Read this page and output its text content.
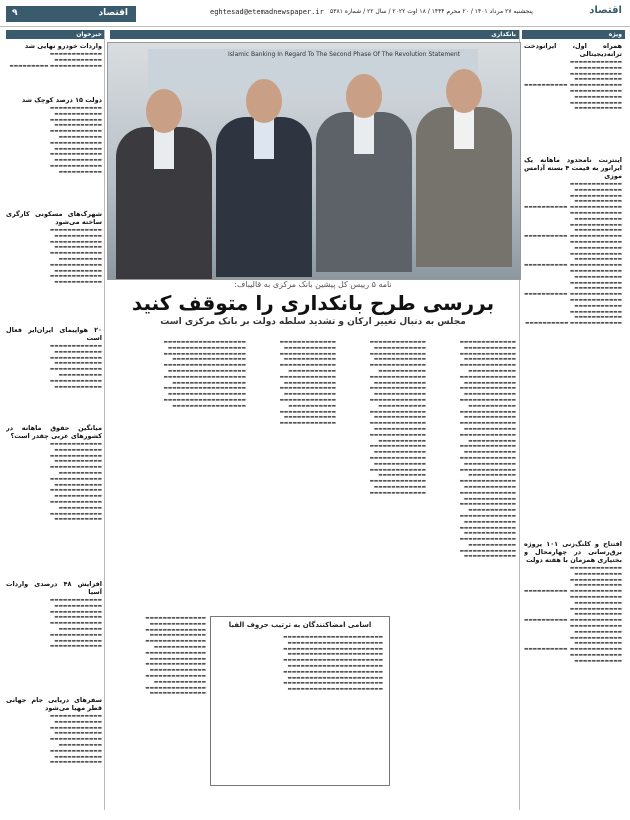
۹	اقتصاد	eghtesad@etemadnewspaper.ir پنجشنبه ۲۷ مرداد ۱۴۰۱ / ۲۰ محرم ۱۴۴۴ / ۱۸ اوت ۲۰۲۲ / سال ۲۲ / شماره ۵۳۸۱	اقتصاد
خبرخوان	بانکداری	ویژه
واردات خودرو نهایی شد
▬▬▬▬▬▬▬▬▬▬▬▬ ▬▬▬▬▬▬▬▬▬▬▬ ▬▬▬▬▬▬▬▬▬▬▬▬ ▬▬▬▬▬▬▬▬▬
دولت ۱۵ درصد کوچک شد
▬▬▬▬▬▬▬▬▬▬▬▬ ▬▬▬▬▬▬▬▬▬▬▬ ▬▬▬▬▬▬▬▬▬▬▬▬ ▬▬▬▬▬▬▬▬▬▬▬ ▬▬▬▬▬▬▬▬▬▬▬▬ ▬▬▬▬▬▬▬▬▬▬ ▬▬▬▬▬▬▬▬▬▬▬▬ ▬▬▬▬▬▬▬▬▬▬▬ ▬▬▬▬▬▬▬▬▬▬▬▬ ▬▬▬▬▬▬▬▬▬▬▬ ▬▬▬▬▬▬▬▬▬▬▬▬ ▬▬▬▬▬▬▬▬▬▬
شهرک‌های مسکونی کارگری ساخته می‌شود
▬▬▬▬▬▬▬▬▬▬▬▬ ▬▬▬▬▬▬▬▬▬▬▬ ▬▬▬▬▬▬▬▬▬▬▬▬ ▬▬▬▬▬▬▬▬▬▬▬ ▬▬▬▬▬▬▬▬▬▬▬▬ ▬▬▬▬▬▬▬▬▬▬ ▬▬▬▬▬▬▬▬▬▬▬▬ ▬▬▬▬▬▬▬▬▬▬▬ ▬▬▬▬▬▬▬▬▬▬▬▬ ▬▬▬▬▬▬▬▬▬▬▬
۲۰ هواپیمای ایران‌ایر فعال است
▬▬▬▬▬▬▬▬▬▬▬▬ ▬▬▬▬▬▬▬▬▬▬▬ ▬▬▬▬▬▬▬▬▬▬▬▬ ▬▬▬▬▬▬▬▬▬▬▬ ▬▬▬▬▬▬▬▬▬▬▬▬ ▬▬▬▬▬▬▬▬▬▬ ▬▬▬▬▬▬▬▬▬▬▬▬ ▬▬▬▬▬▬▬▬▬▬▬
میانگین حقوق ماهانه در کشورهای عربی چقدر است؟
▬▬▬▬▬▬▬▬▬▬▬▬ ▬▬▬▬▬▬▬▬▬▬▬ ▬▬▬▬▬▬▬▬▬▬▬▬ ▬▬▬▬▬▬▬▬▬▬▬ ▬▬▬▬▬▬▬▬▬▬▬▬ ▬▬▬▬▬▬▬▬▬▬ ▬▬▬▬▬▬▬▬▬▬▬▬ ▬▬▬▬▬▬▬▬▬▬▬ ▬▬▬▬▬▬▬▬▬▬▬▬ ▬▬▬▬▬▬▬▬▬▬▬ ▬▬▬▬▬▬▬▬▬▬▬▬ ▬▬▬▬▬▬▬▬▬▬ ▬▬▬▬▬▬▬▬▬▬▬▬ ▬▬▬▬▬▬▬▬▬▬▬
افزایش ۴۸ درصدی واردات آسیا
▬▬▬▬▬▬▬▬▬▬▬▬ ▬▬▬▬▬▬▬▬▬▬▬ ▬▬▬▬▬▬▬▬▬▬▬▬ ▬▬▬▬▬▬▬▬▬▬▬ ▬▬▬▬▬▬▬▬▬▬▬▬ ▬▬▬▬▬▬▬▬▬▬ ▬▬▬▬▬▬▬▬▬▬▬▬ ▬▬▬▬▬▬▬▬▬▬▬ ▬▬▬▬▬▬▬▬▬▬▬▬
سفرهای دریایی جام جهانی قطر مهیا می‌شود
▬▬▬▬▬▬▬▬▬▬▬▬ ▬▬▬▬▬▬▬▬▬▬▬ ▬▬▬▬▬▬▬▬▬▬▬▬ ▬▬▬▬▬▬▬▬▬▬▬ ▬▬▬▬▬▬▬▬▬▬▬▬ ▬▬▬▬▬▬▬▬▬▬ ▬▬▬▬▬▬▬▬▬▬▬▬ ▬▬▬▬▬▬▬▬▬▬▬ ▬▬▬▬▬▬▬▬▬▬▬▬
Islamic Banking In Regard To The Second Phase Of The Revolution Statement
نامه ۵ رییس کل پیشین بانک مرکزی به قالیباف:
بررسی طرح بانکداری را متوقف کنید
مجلس به دنبال تغییر ارکان و تشدید سلطه دولت بر بانک مرکزی است
▬▬▬▬▬▬▬▬▬▬▬▬▬ ▬▬▬▬▬▬▬▬▬▬▬▬ ▬▬▬▬▬▬▬▬▬▬▬▬▬ ▬▬▬▬▬▬▬▬▬▬▬▬ ▬▬▬▬▬▬▬▬▬▬▬▬▬ ▬▬▬▬▬▬▬▬▬▬▬ ▬▬▬▬▬▬▬▬▬▬▬▬▬ ▬▬▬▬▬▬▬▬▬▬▬▬ ▬▬▬▬▬▬▬▬▬▬▬▬▬ ▬▬▬▬▬▬▬▬▬▬▬▬ ▬▬▬▬▬▬▬▬▬▬▬▬▬ ▬▬▬▬▬▬▬▬▬▬▬ ▬▬▬▬▬▬▬▬▬▬▬▬▬ ▬▬▬▬▬▬▬▬▬▬▬▬ ▬▬▬▬▬▬▬▬▬▬▬▬▬ ▬▬▬▬▬▬▬▬▬▬▬▬ ▬▬▬▬▬▬▬▬▬▬▬▬▬ ▬▬▬▬▬▬▬▬▬▬▬ ▬▬▬▬▬▬▬▬▬▬▬▬▬ ▬▬▬▬▬▬▬▬▬▬▬▬ ▬▬▬▬▬▬▬▬▬▬▬▬▬ ▬▬▬▬▬▬▬▬▬▬▬▬ ▬▬▬▬▬▬▬▬▬▬▬▬▬ ▬▬▬▬▬▬▬▬▬▬▬ ▬▬▬▬▬▬▬▬▬▬▬▬▬ ▬▬▬▬▬▬▬▬▬▬▬▬ ▬▬▬▬▬▬▬▬▬▬▬▬▬ ▬▬▬▬▬▬▬▬▬▬▬▬ ▬▬▬▬▬▬▬▬▬▬▬▬▬ ▬▬▬▬▬▬▬▬▬▬▬ ▬▬▬▬▬▬▬▬▬▬▬▬▬ ▬▬▬▬▬▬▬▬▬▬▬▬ ▬▬▬▬▬▬▬▬▬▬▬▬▬ ▬▬▬▬▬▬▬▬▬▬▬▬ ▬▬▬▬▬▬▬▬▬▬▬▬▬ ▬▬▬▬▬▬▬▬▬▬▬ ▬▬▬▬▬▬▬▬▬▬▬▬▬ ▬▬▬▬▬▬▬▬▬▬▬▬
▬▬▬▬▬▬▬▬▬▬▬▬▬ ▬▬▬▬▬▬▬▬▬▬▬▬ ▬▬▬▬▬▬▬▬▬▬▬▬▬ ▬▬▬▬▬▬▬▬▬▬▬▬ ▬▬▬▬▬▬▬▬▬▬▬▬▬ ▬▬▬▬▬▬▬▬▬▬▬ ▬▬▬▬▬▬▬▬▬▬▬▬▬ ▬▬▬▬▬▬▬▬▬▬▬▬ ▬▬▬▬▬▬▬▬▬▬▬▬▬ ▬▬▬▬▬▬▬▬▬▬▬▬ ▬▬▬▬▬▬▬▬▬▬▬▬▬ ▬▬▬▬▬▬▬▬▬▬▬ ▬▬▬▬▬▬▬▬▬▬▬▬▬ ▬▬▬▬▬▬▬▬▬▬▬▬ ▬▬▬▬▬▬▬▬▬▬▬▬▬ ▬▬▬▬▬▬▬▬▬▬▬▬ ▬▬▬▬▬▬▬▬▬▬▬▬▬ ▬▬▬▬▬▬▬▬▬▬▬ ▬▬▬▬▬▬▬▬▬▬▬▬▬ ▬▬▬▬▬▬▬▬▬▬▬▬ ▬▬▬▬▬▬▬▬▬▬▬▬▬ ▬▬▬▬▬▬▬▬▬▬▬▬ ▬▬▬▬▬▬▬▬▬▬▬▬▬ ▬▬▬▬▬▬▬▬▬▬▬ ▬▬▬▬▬▬▬▬▬▬▬▬▬ ▬▬▬▬▬▬▬▬▬▬▬▬ ▬▬▬▬▬▬▬▬▬▬▬▬▬
▬▬▬▬▬▬▬▬▬▬▬▬▬ ▬▬▬▬▬▬▬▬▬▬▬▬ ▬▬▬▬▬▬▬▬▬▬▬▬▬ ▬▬▬▬▬▬▬▬▬▬▬▬ ▬▬▬▬▬▬▬▬▬▬▬▬▬ ▬▬▬▬▬▬▬▬▬▬▬ ▬▬▬▬▬▬▬▬▬▬▬▬▬ ▬▬▬▬▬▬▬▬▬▬▬▬ ▬▬▬▬▬▬▬▬▬▬▬▬▬ ▬▬▬▬▬▬▬▬▬▬▬▬ ▬▬▬▬▬▬▬▬▬▬▬▬▬ ▬▬▬▬▬▬▬▬▬▬▬ ▬▬▬▬▬▬▬▬▬▬▬▬▬ ▬▬▬▬▬▬▬▬▬▬▬▬ ▬▬▬▬▬▬▬▬▬▬▬▬▬
▬▬▬▬▬▬▬▬▬▬▬▬▬▬▬▬▬▬▬ ▬▬▬▬▬▬▬▬▬▬▬▬▬▬▬▬▬▬ ▬▬▬▬▬▬▬▬▬▬▬▬▬▬▬▬▬▬▬ ▬▬▬▬▬▬▬▬▬▬▬▬▬▬▬▬▬ ▬▬▬▬▬▬▬▬▬▬▬▬▬▬▬▬▬▬▬ ▬▬▬▬▬▬▬▬▬▬▬▬▬▬▬▬▬▬ ▬▬▬▬▬▬▬▬▬▬▬▬▬▬▬▬▬▬▬ ▬▬▬▬▬▬▬▬▬▬▬▬▬▬▬▬▬ ▬▬▬▬▬▬▬▬▬▬▬▬▬▬▬▬▬▬▬ ▬▬▬▬▬▬▬▬▬▬▬▬▬▬▬▬▬▬ ▬▬▬▬▬▬▬▬▬▬▬▬▬▬▬▬▬▬▬ ▬▬▬▬▬▬▬▬▬▬▬▬▬▬▬▬▬
اسامی امضاکنندگان به ترتیب حروف الفبا
▬▬▬▬▬▬▬▬▬▬▬▬▬▬▬▬▬▬▬▬▬▬▬ ▬▬▬▬▬▬▬▬▬▬▬▬▬▬▬▬▬▬▬▬▬▬ ▬▬▬▬▬▬▬▬▬▬▬▬▬▬▬▬▬▬▬▬▬▬▬ ▬▬▬▬▬▬▬▬▬▬▬▬▬▬▬▬▬▬▬▬▬▬ ▬▬▬▬▬▬▬▬▬▬▬▬▬▬▬▬▬▬▬▬▬▬▬ ▬▬▬▬▬▬▬▬▬▬▬▬▬▬▬▬▬▬▬▬▬▬ ▬▬▬▬▬▬▬▬▬▬▬▬▬▬▬▬▬▬▬▬▬▬▬ ▬▬▬▬▬▬▬▬▬▬▬▬▬▬▬▬▬▬▬▬▬▬ ▬▬▬▬▬▬▬▬▬▬▬▬▬▬▬▬▬▬▬▬▬▬▬ ▬▬▬▬▬▬▬▬▬▬▬▬▬▬▬▬▬▬▬▬▬▬
▬▬▬▬▬▬▬▬▬▬▬▬▬▬ ▬▬▬▬▬▬▬▬▬▬▬▬▬ ▬▬▬▬▬▬▬▬▬▬▬▬▬▬ ▬▬▬▬▬▬▬▬▬▬▬▬▬ ▬▬▬▬▬▬▬▬▬▬▬▬▬▬ ▬▬▬▬▬▬▬▬▬▬▬▬ ▬▬▬▬▬▬▬▬▬▬▬▬▬▬ ▬▬▬▬▬▬▬▬▬▬▬▬▬ ▬▬▬▬▬▬▬▬▬▬▬▬▬▬ ▬▬▬▬▬▬▬▬▬▬▬▬▬ ▬▬▬▬▬▬▬▬▬▬▬▬▬▬ ▬▬▬▬▬▬▬▬▬▬▬▬ ▬▬▬▬▬▬▬▬▬▬▬▬▬▬ ▬▬▬▬▬▬▬▬▬▬▬▬▬
همراه اول، ایرانودخت ترانه‌دیجیتالی
▬▬▬▬▬▬▬▬▬▬▬▬ ▬▬▬▬▬▬▬▬▬▬▬ ▬▬▬▬▬▬▬▬▬▬▬▬ ▬▬▬▬▬▬▬▬▬▬▬ ▬▬▬▬▬▬▬▬▬▬▬▬ ▬▬▬▬▬▬▬▬▬▬ ▬▬▬▬▬▬▬▬▬▬▬▬ ▬▬▬▬▬▬▬▬▬▬▬ ▬▬▬▬▬▬▬▬▬▬▬▬ ▬▬▬▬▬▬▬▬▬▬▬
اینترنت نامحدود ماهانه یک ایرانور به قیمت ۴ بسته آدامس موزی
▬▬▬▬▬▬▬▬▬▬▬▬ ▬▬▬▬▬▬▬▬▬▬▬ ▬▬▬▬▬▬▬▬▬▬▬▬ ▬▬▬▬▬▬▬▬▬▬▬ ▬▬▬▬▬▬▬▬▬▬▬▬ ▬▬▬▬▬▬▬▬▬▬ ▬▬▬▬▬▬▬▬▬▬▬▬ ▬▬▬▬▬▬▬▬▬▬▬ ▬▬▬▬▬▬▬▬▬▬▬▬ ▬▬▬▬▬▬▬▬▬▬▬ ▬▬▬▬▬▬▬▬▬▬▬▬ ▬▬▬▬▬▬▬▬▬▬ ▬▬▬▬▬▬▬▬▬▬▬▬ ▬▬▬▬▬▬▬▬▬▬▬ ▬▬▬▬▬▬▬▬▬▬▬▬ ▬▬▬▬▬▬▬▬▬▬▬ ▬▬▬▬▬▬▬▬▬▬▬▬ ▬▬▬▬▬▬▬▬▬▬ ▬▬▬▬▬▬▬▬▬▬▬▬ ▬▬▬▬▬▬▬▬▬▬▬ ▬▬▬▬▬▬▬▬▬▬▬▬ ▬▬▬▬▬▬▬▬▬▬▬ ▬▬▬▬▬▬▬▬▬▬▬▬ ▬▬▬▬▬▬▬▬▬▬ ▬▬▬▬▬▬▬▬▬▬▬▬ ▬▬▬▬▬▬▬▬▬▬▬ ▬▬▬▬▬▬▬▬▬▬▬▬ ▬▬▬▬▬▬▬▬▬▬▬ ▬▬▬▬▬▬▬▬▬▬▬▬ ▬▬▬▬▬▬▬▬▬▬
افتتاح و کلنگ‌زنی ۱۰۱ پروژه برق‌رسانی در چهارمحال و بختیاری همزمان با هفته دولت
▬▬▬▬▬▬▬▬▬▬▬▬ ▬▬▬▬▬▬▬▬▬▬▬ ▬▬▬▬▬▬▬▬▬▬▬▬ ▬▬▬▬▬▬▬▬▬▬▬ ▬▬▬▬▬▬▬▬▬▬▬▬ ▬▬▬▬▬▬▬▬▬▬ ▬▬▬▬▬▬▬▬▬▬▬▬ ▬▬▬▬▬▬▬▬▬▬▬ ▬▬▬▬▬▬▬▬▬▬▬▬ ▬▬▬▬▬▬▬▬▬▬▬ ▬▬▬▬▬▬▬▬▬▬▬▬ ▬▬▬▬▬▬▬▬▬▬ ▬▬▬▬▬▬▬▬▬▬▬▬ ▬▬▬▬▬▬▬▬▬▬▬ ▬▬▬▬▬▬▬▬▬▬▬▬ ▬▬▬▬▬▬▬▬▬▬▬ ▬▬▬▬▬▬▬▬▬▬▬▬ ▬▬▬▬▬▬▬▬▬▬ ▬▬▬▬▬▬▬▬▬▬▬▬ ▬▬▬▬▬▬▬▬▬▬▬
